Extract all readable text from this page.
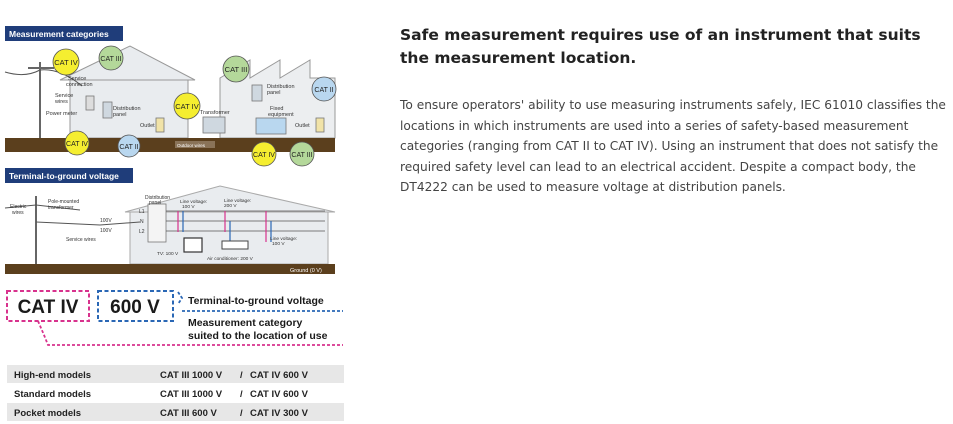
Measurement categories
Service
connection
Service
wires
Power meter
Distribution
panel
Outlet
Transformer
Distribution
panel
Fixed
equipment
Outlet
Outdoor wires
CAT IV	CAT III
CAT IV	CAT II
CAT IV
CAT III
CAT II
CAT IV CAT III
Terminal-to-ground voltage
Electric
wires
Pole-mounted
transformer
100V
100V
Service wires
Distribution
panel
L1
N
L2
Line voltage:
100 V
Line voltage:
200 V
Line voltage:
100 V
TV: 100 V
Air conditioner: 200 V
Ground (0 V)
CAT IV 600 V	Terminal-to-ground voltage
Measurement category
suited to the location of use
High-end models	CAT III 1000 V / CAT IV 600 V
Standard models	CAT III 1000 V / CAT IV 600 V
Pocket models	CAT III 600 V / CAT IV 300 V
Safe measurement requires use of an instrument that suits the measurement location.

To ensure operators' ability to use measuring instruments safely, IEC 61010 classifies the locations in which instruments are used into a series of safety-based measurement categories (ranging from CAT II to CAT IV). Using an instrument that does not satisfy the required safety level can lead to an electrical accident. Despite a compact body, the DT4222 can be used to measure voltage at distribution panels.
